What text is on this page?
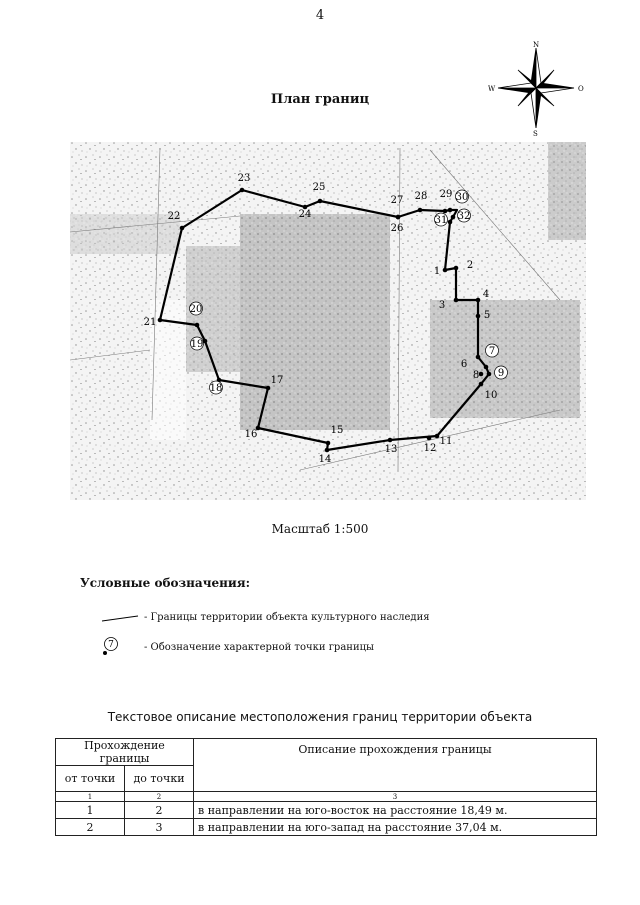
4
N
S
W	O
План границ
1
2
3
4
5
6
7
8 9
10
11
12
13
14
15
16
17
18
19
20
21
22
23
24
25
26
27 28 29 30
31 32
Масштаб 1:500
Условные обозначения:
- Границы территории объекта культурного наследия
7	- Обозначение характерной точки границы
Текстовое описание местоположения границ территории объекта
Прохождение границы		Описание прохождения границы
от точки	до точки	
1	2	3
1	2	в направлении на юго-восток на расстояние 18,49 м.
2	3	в направлении на юго-запад на расстояние 37,04 м.
